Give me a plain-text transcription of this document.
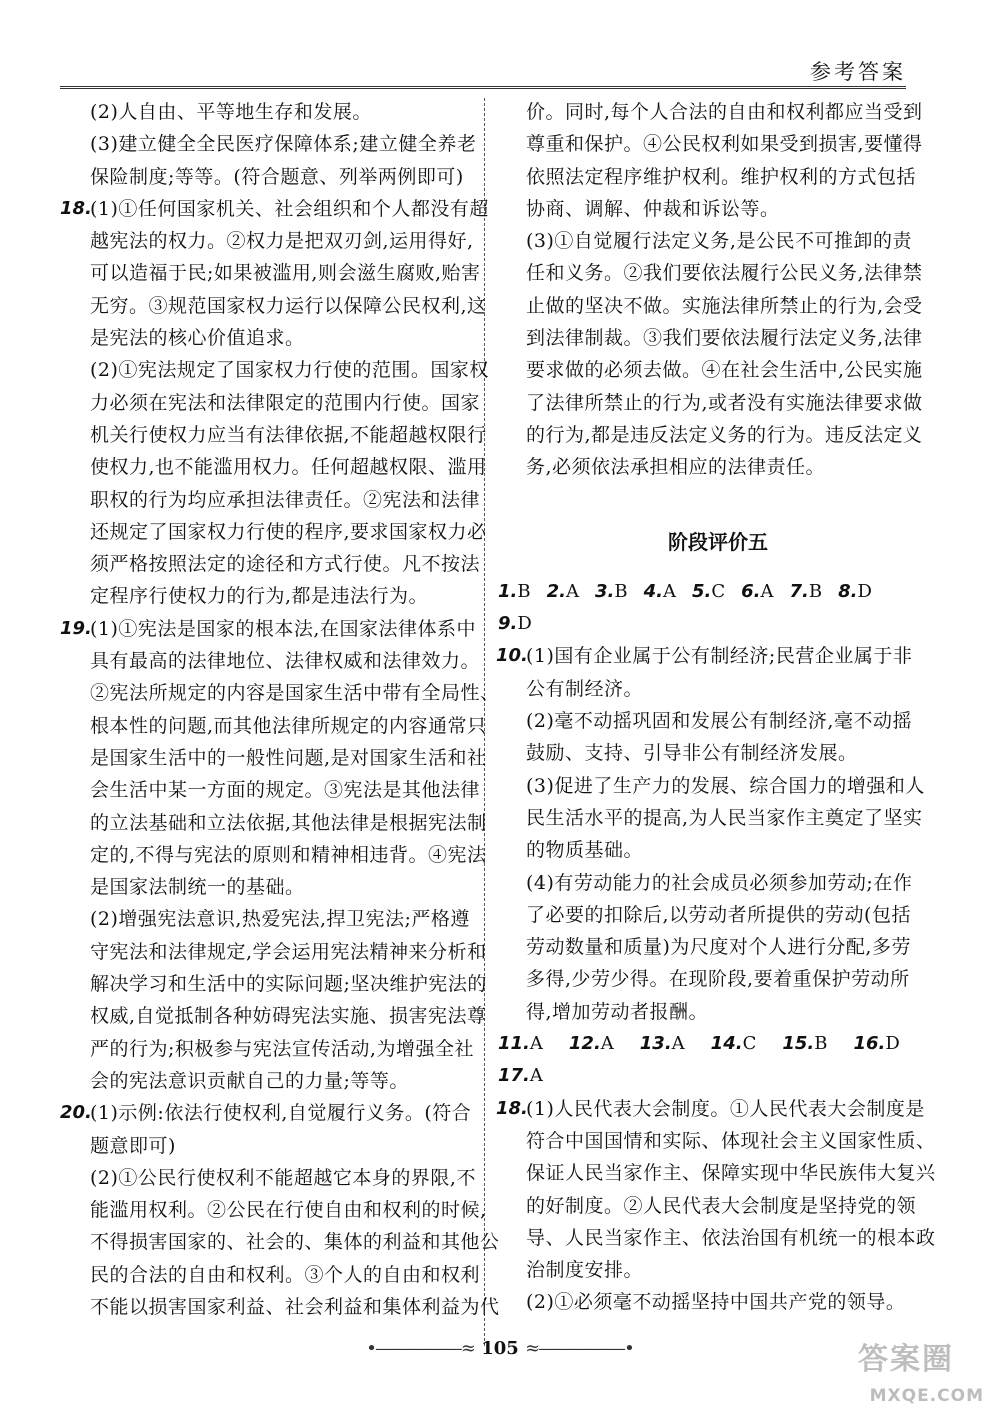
参考答案
(2)人自由、平等地生存和发展。
(3)建立健全全民医疗保障体系;建立健全养老
保险制度;等等。(符合题意、列举两例即可)
18.
(1)①任何国家机关、社会组织和个人都没有超
越宪法的权力。②权力是把双刃剑,运用得好,
可以造福于民;如果被滥用,则会滋生腐败,贻害
无穷。③规范国家权力运行以保障公民权利,这
是宪法的核心价值追求。
(2)①宪法规定了国家权力行使的范围。国家权
力必须在宪法和法律限定的范围内行使。国家
机关行使权力应当有法律依据,不能超越权限行
使权力,也不能滥用权力。任何超越权限、滥用
职权的行为均应承担法律责任。②宪法和法律
还规定了国家权力行使的程序,要求国家权力必
须严格按照法定的途径和方式行使。凡不按法
定程序行使权力的行为,都是违法行为。
19.
(1)①宪法是国家的根本法,在国家法律体系中
具有最高的法律地位、法律权威和法律效力。
②宪法所规定的内容是国家生活中带有全局性、
根本性的问题,而其他法律所规定的内容通常只
是国家生活中的一般性问题,是对国家生活和社
会生活中某一方面的规定。③宪法是其他法律
的立法基础和立法依据,其他法律是根据宪法制
定的,不得与宪法的原则和精神相违背。④宪法
是国家法制统一的基础。
(2)增强宪法意识,热爱宪法,捍卫宪法;严格遵
守宪法和法律规定,学会运用宪法精神来分析和
解决学习和生活中的实际问题;坚决维护宪法的
权威,自觉抵制各种妨碍宪法实施、损害宪法尊
严的行为;积极参与宪法宣传活动,为增强全社
会的宪法意识贡献自己的力量;等等。
20.
(1)示例:依法行使权利,自觉履行义务。(符合
题意即可)
(2)①公民行使权利不能超越它本身的界限,不
能滥用权利。②公民在行使自由和权利的时候,
不得损害国家的、社会的、集体的利益和其他公
民的合法的自由和权利。③个人的自由和权利
不能以损害国家利益、社会利益和集体利益为代
价。同时,每个人合法的自由和权利都应当受到
尊重和保护。④公民权利如果受到损害,要懂得
依照法定程序维护权利。维护权利的方式包括
协商、调解、仲裁和诉讼等。
(3)①自觉履行法定义务,是公民不可推卸的责
任和义务。②我们要依法履行公民义务,法律禁
止做的坚决不做。实施法律所禁止的行为,会受
到法律制裁。③我们要依法履行法定义务,法律
要求做的必须去做。④在社会生活中,公民实施
了法律所禁止的行为,或者没有实施法律要求做
的行为,都是违反法定义务的行为。违反法定义
务,必须依法承担相应的法律责任。
阶段评价五
1.B 2.A 3.B 4.A 5.C 6.A 7.B 8.D
9.D
10.
(1)国有企业属于公有制经济;民营企业属于非
公有制经济。
(2)毫不动摇巩固和发展公有制经济,毫不动摇
鼓励、支持、引导非公有制经济发展。
(3)促进了生产力的发展、综合国力的增强和人
民生活水平的提高,为人民当家作主奠定了坚实
的物质基础。
(4)有劳动能力的社会成员必须参加劳动;在作
了必要的扣除后,以劳动者所提供的劳动(包括
劳动数量和质量)为尺度对个人进行分配,多劳
多得,少劳少得。在现阶段,要着重保护劳动所
得,增加劳动者报酬。
11.A 12.A 13.A 14.C 15.B 16.D
17.A
18.
(1)人民代表大会制度。①人民代表大会制度是
符合中国国情和实际、体现社会主义国家性质、
保证人民当家作主、保障实现中华民族伟大复兴
的好制度。②人民代表大会制度是坚持党的领
导、人民当家作主、依法治国有机统一的根本政
治制度安排。
(2)①必须毫不动摇坚持中国共产党的领导。
•―――――≈ 105 ≈―――――•	答案圈
MXQE.COM
